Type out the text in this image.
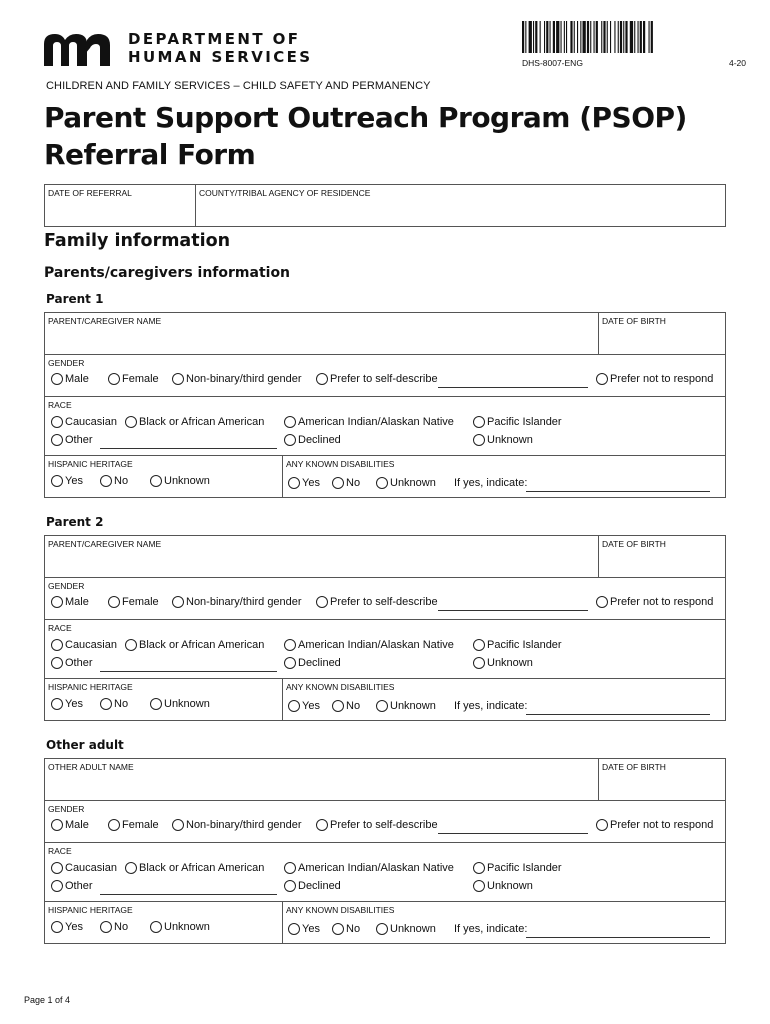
DEPARTMENT OF
HUMAN SERVICES	DHS-8007-ENG	4-20
CHILDREN AND FAMILY SERVICES – CHILD SAFETY AND PERMANENCY
Parent Support Outreach Program (PSOP)
Referral Form
DATE OF REFERRAL	COUNTY/TRIBAL AGENCY OF RESIDENCE
Family information
Parents/caregivers information
Parent 1
PARENT/CAREGIVER NAME	DATE OF BIRTH
GENDER
Male	Female Non-binary/third gender	Prefer to self-describe	Prefer not to respond
RACE
Caucasian Black or African American	American Indian/Alaskan Native	Pacific Islander
Other	Declined	Unknown
HISPANIC HERITAGE	ANY KNOWN DISABILITIES
Yes	No	Unknown	Yes No	Unknown If yes, indicate:
Parent 2
PARENT/CAREGIVER NAME	DATE OF BIRTH
GENDER
Male	Female Non-binary/third gender	Prefer to self-describe	Prefer not to respond
RACE
Caucasian Black or African American	American Indian/Alaskan Native	Pacific Islander
Other	Declined	Unknown
HISPANIC HERITAGE	ANY KNOWN DISABILITIES
Yes	No	Unknown	Yes No	Unknown If yes, indicate:
Other adult
OTHER ADULT NAME	DATE OF BIRTH
GENDER
Male	Female Non-binary/third gender	Prefer to self-describe	Prefer not to respond
RACE
Caucasian Black or African American	American Indian/Alaskan Native	Pacific Islander
Other	Declined	Unknown
HISPANIC HERITAGE	ANY KNOWN DISABILITIES
Yes	No	Unknown	Yes No	Unknown If yes, indicate:
Page 1 of 4
